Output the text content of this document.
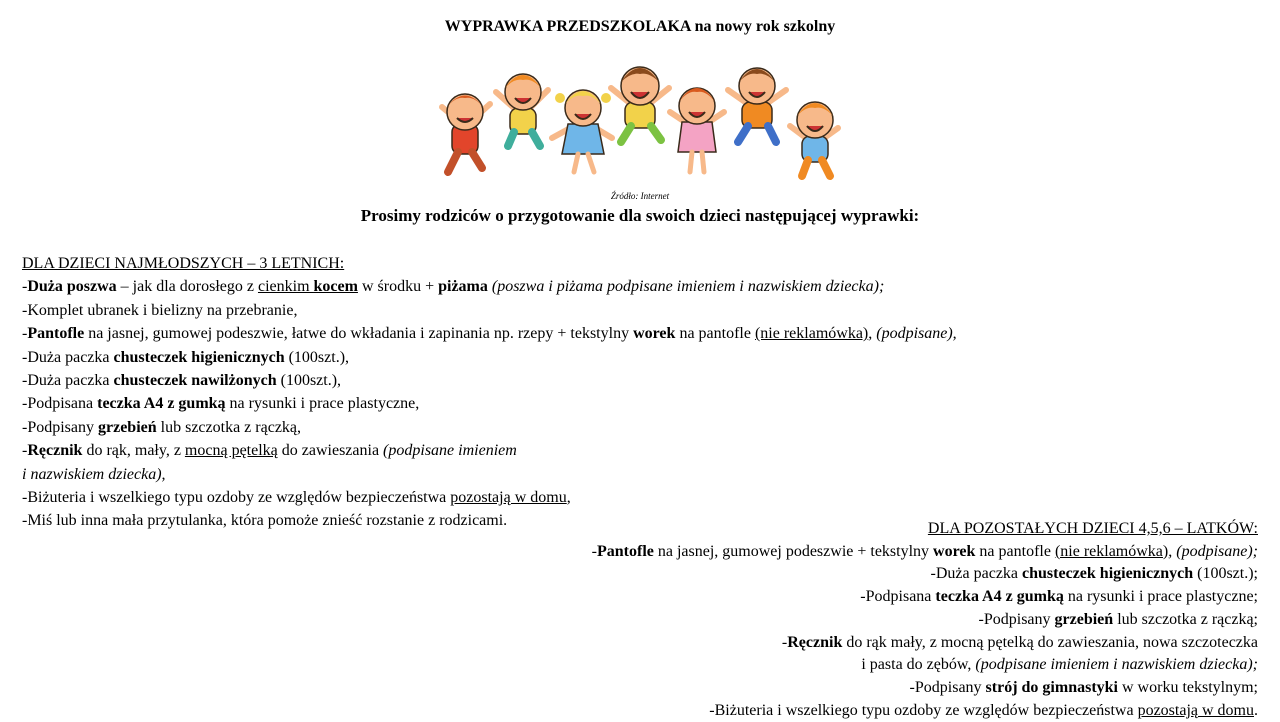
WYPRAWKA PRZEDSZKOLAKA na nowy rok szkolny
Źródło: Internet
Prosimy rodziców o przygotowanie dla swoich dzieci następującej wyprawki:
DLA DZIECI NAJMŁODSZYCH – 3 LETNICH:
-Duża poszwa – jak dla dorosłego z cienkim kocem w środku + piżama (poszwa i piżama podpisane imieniem i nazwiskiem dziecka);
-Komplet ubranek i bielizny na przebranie,
-Pantofle na jasnej, gumowej podeszwie, łatwe do wkładania i zapinania np. rzepy + tekstylny worek na pantofle (nie reklamówka), (podpisane),
-Duża paczka chusteczek higienicznych (100szt.),
-Duża paczka chusteczek nawilżonych (100szt.),
-Podpisana teczka A4 z gumką na rysunki i prace plastyczne,
-Podpisany grzebień lub szczotka z rączką,
-Ręcznik do rąk, mały, z mocną pętelką do zawieszania (podpisane imieniem
i nazwiskiem dziecka),
-Biżuteria i wszelkiego typu ozdoby ze względów bezpieczeństwa pozostają w domu,
-Miś lub inna mała przytulanka, która pomoże znieść rozstanie z rodzicami.	DLA POZOSTAŁYCH DZIECI 4,5,6 – LATKÓW:
-Pantofle na jasnej, gumowej podeszwie + tekstylny worek na pantofle (nie reklamówka), (podpisane);
-Duża paczka chusteczek higienicznych (100szt.);
-Podpisana teczka A4 z gumką na rysunki i prace plastyczne;
-Podpisany grzebień lub szczotka z rączką;
-Ręcznik do rąk mały, z mocną pętelką do zawieszania, nowa szczoteczka
i pasta do zębów, (podpisane imieniem i nazwiskiem dziecka);
-Podpisany strój do gimnastyki w worku tekstylnym;
-Biżuteria i wszelkiego typu ozdoby ze względów bezpieczeństwa pozostają w domu.
